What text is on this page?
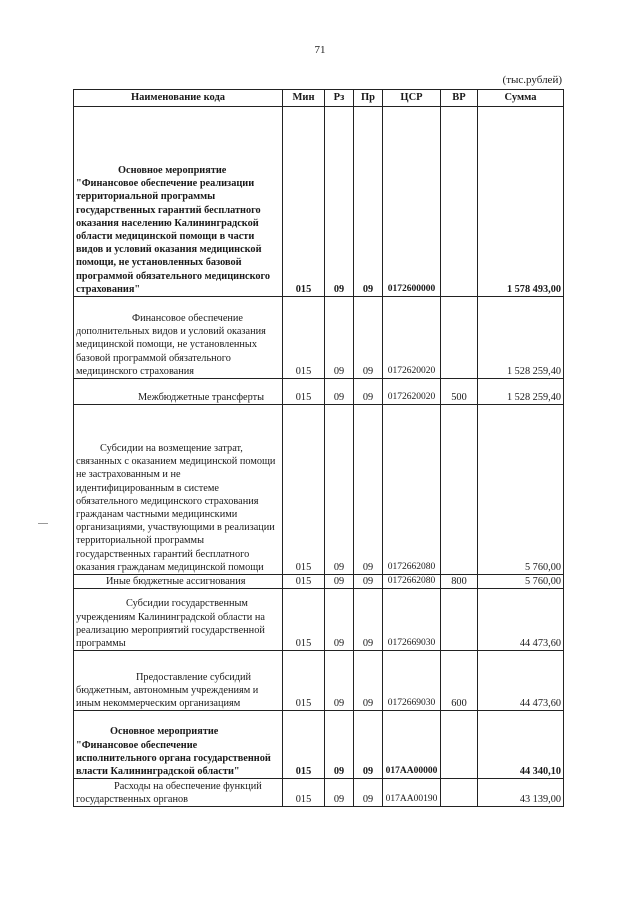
71
(тыс.рублей)
Наименование кода	Мин	Рз	Пр	ЦСР	ВР	Сумма
Основное мероприятие "Финансовое обеспечение реализации территориальной программы государственных гарантий бесплатного оказания населению Калининградской области медицинской помощи в части видов и условий оказания медицинской помощи, не установленных базовой программой обязательного медицинского страхования"	015	09	09	0172600000		1 578 493,00
Финансовое обеспечение дополнительных видов и условий оказания медицинской помощи, не установленных базовой программой обязательного медицинского страхования	015	09	09	0172620020		1 528 259,40
Межбюджетные трансферты	015	09	09	0172620020	500	1 528 259,40
Субсидии на возмещение затрат, связанных с оказанием медицинской помощи не застрахованным и не идентифицированным в системе обязательного медицинского страхования гражданам частными медицинскими организациями, участвующими в реализации территориальной программы государственных гарантий бесплатного оказания гражданам медицинской помощи	015	09	09	0172662080		5 760,00
Иные бюджетные ассигнования	015	09	09	0172662080	800	5 760,00
Субсидии государственным учреждениям Калининградской области на реализацию мероприятий государственной программы	015	09	09	0172669030		44 473,60
Предоставление субсидий бюджетным, автономным учреждениям и иным некоммерческим организациям	015	09	09	0172669030	600	44 473,60
Основное мероприятие "Финансовое обеспечение исполнительного органа государственной власти Калининградской области"	015	09	09	017АА00000		44 340,10
Расходы на обеспечение функций государственных органов	015	09	09	017АА00190		43 139,00
